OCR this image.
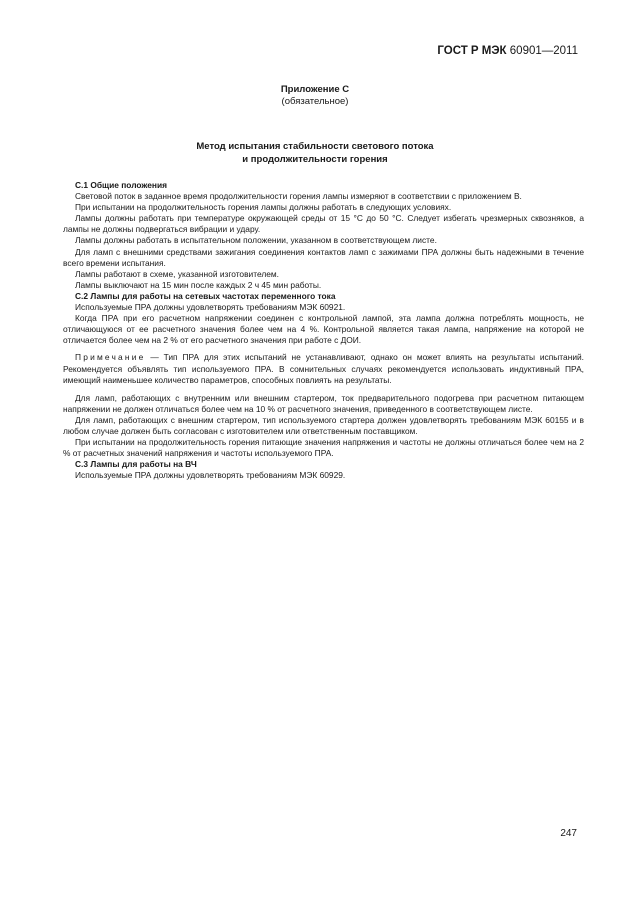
ГОСТ Р МЭК 60901—2011
Приложение С
(обязательное)
Метод испытания стабильности светового потока
и продолжительности горения

С.1 Общие положения

Световой поток в заданное время продолжительности горения лампы измеряют в соответствии с приложением В.

При испытании на продолжительность горения лампы должны работать в следующих условиях.

Лампы должны работать при температуре окружающей среды от 15 °С до 50 °С. Следует избегать чрезмерных сквозняков, а лампы не должны подвергаться вибрации и удару.

Лампы должны работать в испытательном положении, указанном в соответствующем листе.

Для ламп с внешними средствами зажигания соединения контактов ламп с зажимами ПРА должны быть надежными в течение всего времени испытания.

Лампы работают в схеме, указанной изготовителем.

Лампы выключают на 15 мин после каждых 2 ч 45 мин работы.

С.2 Лампы для работы на сетевых частотах переменного тока

Используемые ПРА должны удовлетворять требованиям МЭК 60921.

Когда ПРА при его расчетном напряжении соединен с контрольной лампой, эта лампа должна потреблять мощность, не отличающуюся от ее расчетного значения более чем на 4 %. Контрольной является такая лампа, напряжение на которой не отличается более чем на 2 % от его расчетного значения при работе с ДОИ.

Примечание — Тип ПРА для этих испытаний не устанавливают, однако он может влиять на результаты испытаний. Рекомендуется объявлять тип используемого ПРА. В сомнительных случаях рекомендуется использовать индуктивный ПРА, имеющий наименьшее количество параметров, способных повлиять на результаты.

Для ламп, работающих с внутренним или внешним стартером, ток предварительного подогрева при расчетном питающем напряжении не должен отличаться более чем на 10 % от расчетного значения, приведенного в соответствующем листе.

Для ламп, работающих с внешним стартером, тип используемого стартера должен удовлетворять требованиям МЭК 60155 и в любом случае должен быть согласован с изготовителем или ответственным поставщиком.

При испытании на продолжительность горения питающие значения напряжения и частоты не должны отличаться более чем на 2 % от расчетных значений напряжения и частоты используемого ПРА.

С.3 Лампы для работы на ВЧ

Используемые ПРА должны удовлетворять требованиям МЭК 60929.

247
